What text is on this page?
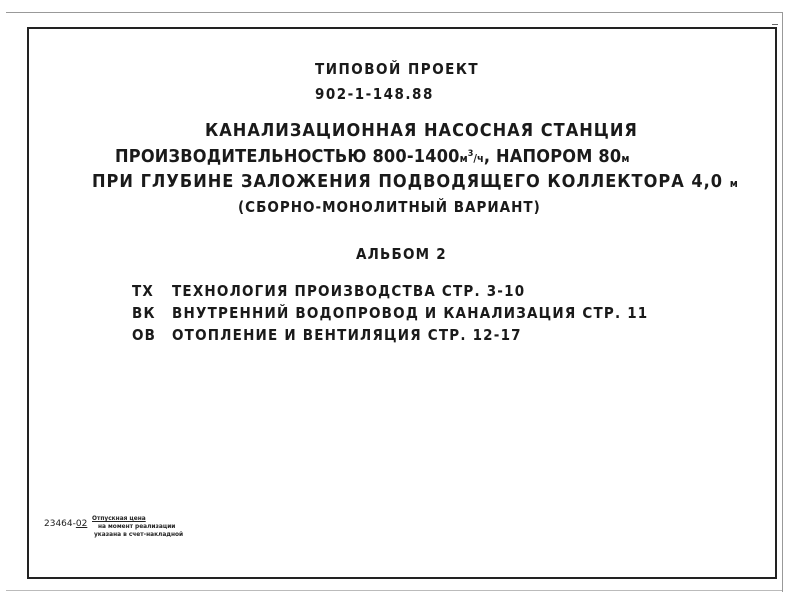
ТИПОВОЙ ПРОЕКТ
902-1-148.88
КАНАЛИЗАЦИОННАЯ НАСОСНАЯ СТАНЦИЯ
ПРОИЗВОДИТЕЛЬНОСТЬЮ $800-1400м^3/ч$, НАПОРОМ 80м
ПРИ ГЛУБИНЕ ЗАЛОЖЕНИЯ ПОДВОДЯЩЕГО КОЛЛЕКТОРА 4,0 м
(СБОРНО-МОНОЛИТНЫЙ ВАРИАНТ)
АЛЬБОМ 2
ТХ ТЕХНОЛОГИЯ ПРОИЗВОДСТВА СТР. 3-10
ВК ВНУТРЕННИЙ ВОДОПРОВОД И КАНАЛИЗАЦИЯ СТР. 11
ОВ ОТОПЛЕНИЕ И ВЕНТИЛЯЦИЯ СТР. 12-17
23464-02
Отпускная цена
на момент реализации
указана в счет-накладной
